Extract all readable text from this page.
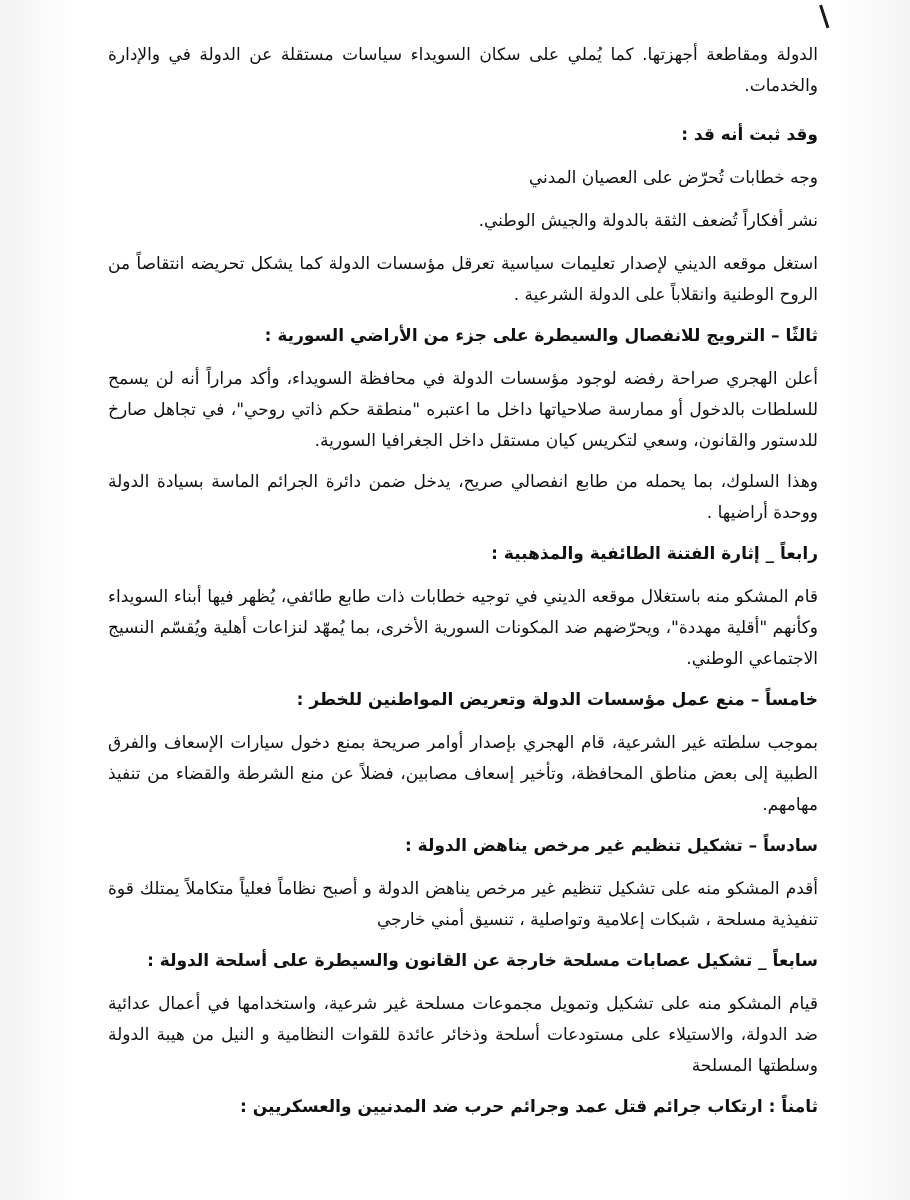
الدولة ومقاطعة أجهزتها. كما يُملي على سكان السويداء سياسات مستقلة عن الدولة في والإدارة والخدمات.

وقد ثبت أنه قد :

وجه خطابات تُحرّض على العصيان المدني

نشر أفكاراً تُضعف الثقة بالدولة والجيش الوطني.

استغل موقعه الديني لإصدار تعليمات سياسية تعرقل مؤسسات الدولة كما يشكل تحريضه انتقاصاً من الروح الوطنية وانقلاباً على الدولة الشرعية .

ثالثًا – الترويج للانفصال والسيطرة على جزء من الأراضي السورية :

أعلن الهجري صراحة رفضه لوجود مؤسسات الدولة في محافظة السويداء، وأكد مراراً أنه لن يسمح للسلطات بالدخول أو ممارسة صلاحياتها داخل ما اعتبره "منطقة حكم ذاتي روحي"، في تجاهل صارخ للدستور والقانون، وسعي لتكريس كيان مستقل داخل الجغرافيا السورية.

وهذا السلوك، بما يحمله من طابع انفصالي صريح، يدخل ضمن دائرة الجرائم الماسة بسيادة الدولة ووحدة أراضيها .

رابعاً _ إثارة الفتنة الطائفية والمذهبية :

قام المشكو منه باستغلال موقعه الديني في توجيه خطابات ذات طابع طائفي، يُظهر فيها أبناء السويداء وكأنهم "أقلية مهددة"، ويحرّضهم ضد المكونات السورية الأخرى، بما يُمهّد لنزاعات أهلية ويُقسّم النسيج الاجتماعي الوطني.

خامساً – منع عمل مؤسسات الدولة وتعريض المواطنين للخطر :

بموجب سلطته غير الشرعية، قام الهجري بإصدار أوامر صريحة بمنع دخول سيارات الإسعاف والفرق الطبية إلى بعض مناطق المحافظة، وتأخير إسعاف مصابين، فضلاً عن منع الشرطة والقضاء من تنفيذ مهامهم.

سادساً – تشكيل تنظيم غير مرخص يناهض الدولة :

أقدم المشكو منه على تشكيل تنظيم غير مرخص يناهض الدولة و أصبح نظاماً فعلياً متكاملاً يمتلك قوة تنفيذية مسلحة ، شبكات إعلامية وتواصلية ، تنسيق أمني خارجي

سابعاً _ تشكيل عصابات مسلحة خارجة عن القانون والسيطرة على أسلحة الدولة :

قيام المشكو منه على تشكيل وتمويل مجموعات مسلحة غير شرعية، واستخدامها في أعمال عدائية ضد الدولة، والاستيلاء على مستودعات أسلحة وذخائر عائدة للقوات النظامية و النيل من هيبة الدولة وسلطتها المسلحة

ثامناً : ارتكاب جرائم قتل عمد وجرائم حرب ضد المدنيين والعسكريين :
